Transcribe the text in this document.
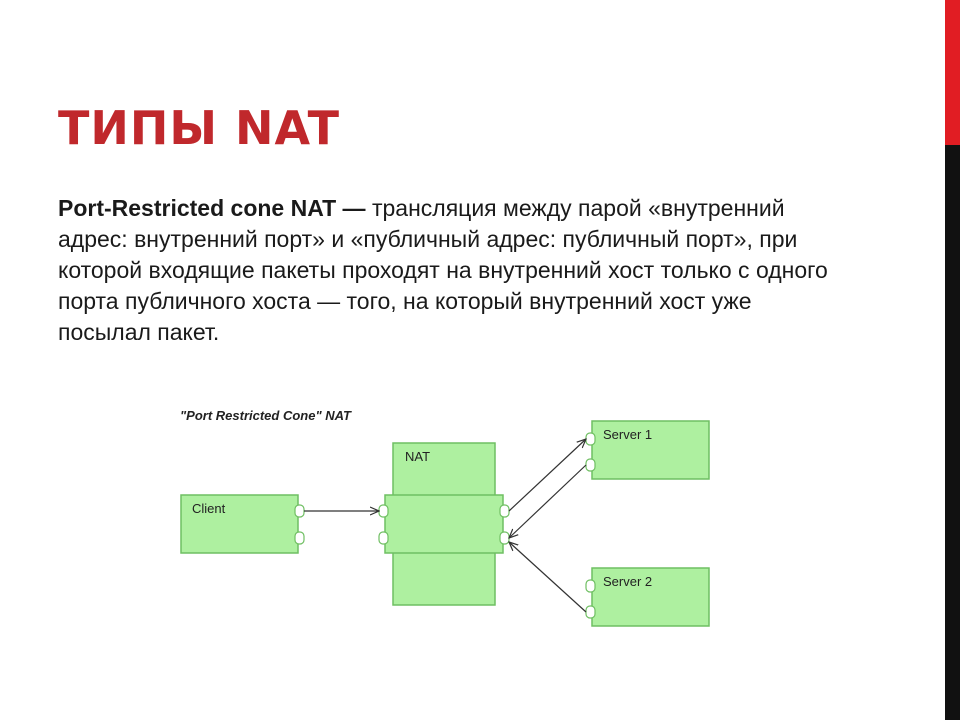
ТИПЫ NAT

Port-Restricted cone NAT — трансляция между парой «внутренний адрес: внутренний порт» и «публичный адрес: публичный порт», при которой входящие пакеты проходят на внутренний хост только с одного порта публичного хоста — того, на который внутренний хост уже посылал пакет.

"Port Restricted Cone" NAT
Client
NAT
Server 1
Server 2
